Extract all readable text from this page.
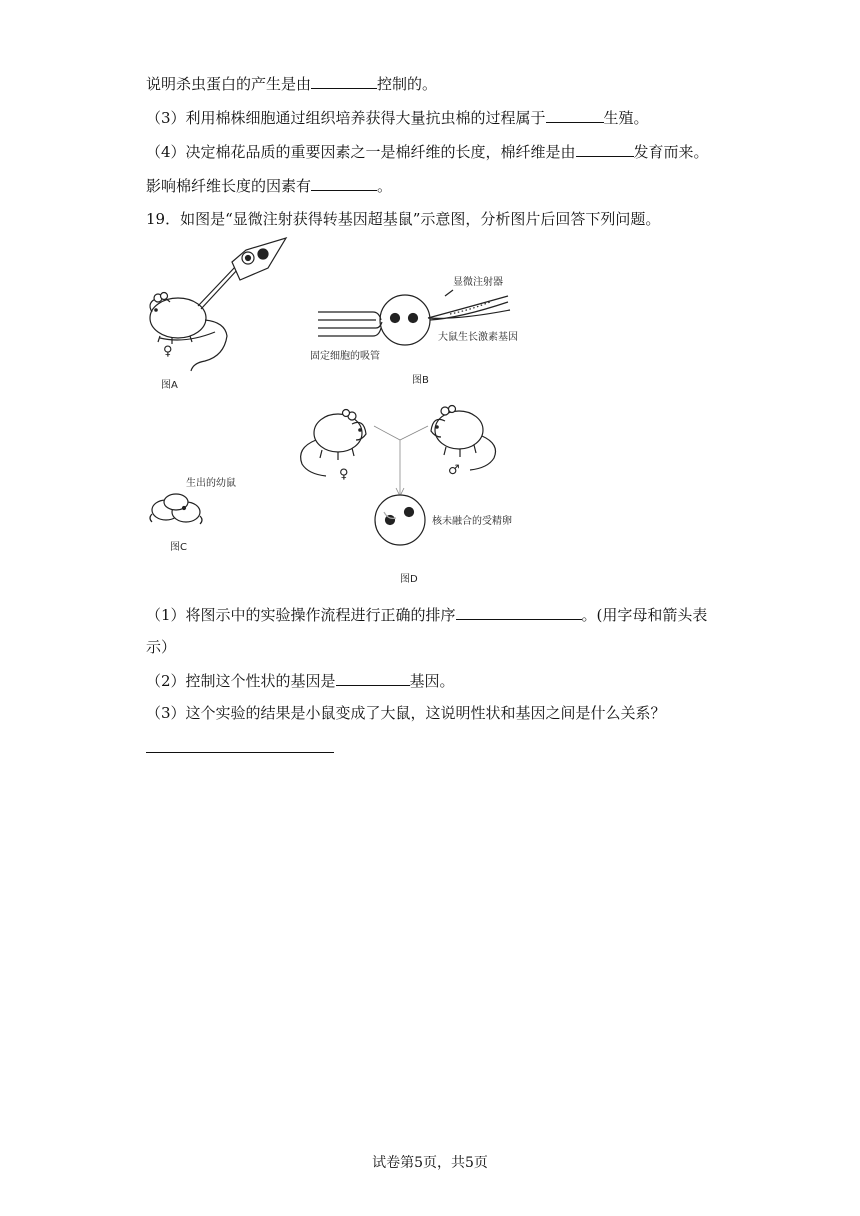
说明杀虫蛋白的产生是由	控制的。
（3）利用棉株细胞通过组织培养获得大量抗虫棉的过程属于	生殖。
（4）决定棉花品质的重要因素之一是棉纤维的长度，棉纤维是由	发育而来。
影响棉纤维长度的因素有	。
19．如图是“显微注射获得转基因超基鼠”示意图，分析图片后回答下列问题。
♀
图A
显微注射器
大鼠生长激素基因
固定细胞的吸管
图B
♀	♂
生出的幼鼠
图C
核未融合的受精卵
图D
（1）将图示中的实验操作流程进行正确的排序	。(用字母和箭头表
示）
（2）控制这个性状的基因是	基因。
（3）这个实验的结果是小鼠变成了大鼠，这说明性状和基因之间是什么关系？
试卷第5页，共5页
